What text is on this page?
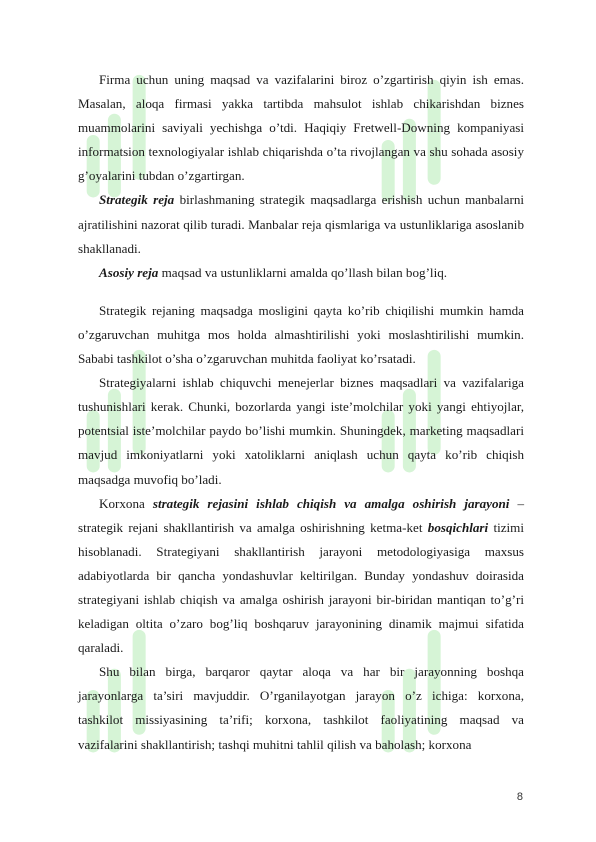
Firma uchun uning maqsad va vazifalarini biroz o’zgartirish qiyin ish emas. Masalan, aloqa firmasi yakka tartibda mahsulot ishlab chikarishdan biznes muammolarini saviyali yechishga o’tdi. Haqiqiy Fretwell-Downing kompaniyasi informatsion texnologiyalar ishlab chiqarishda o’ta rivojlangan va shu sohada asosiy g’oyalarini tubdan o’zgartirgan.

Strategik reja birlashmaning strategik maqsadlarga erishish uchun manbalarni ajratilishini nazorat qilib turadi. Manbalar reja qismlariga va ustunliklariga asoslanib shakllanadi.

Asosiy reja maqsad va ustunliklarni amalda qo’llash bilan bog’liq.

Strategik rejaning maqsadga mosligini qayta ko’rib chiqilishi mumkin hamda o’zgaruvchan muhitga mos holda almashtirilishi yoki moslashtirilishi mumkin. Sababi tashkilot o’sha o’zgaruvchan muhitda faoliyat ko’rsatadi.

Strategiyalarni ishlab chiquvchi menejerlar biznes maqsadlari va vazifalariga tushunishlari kerak. Chunki, bozorlarda yangi iste’molchilar yoki yangi ehtiyojlar, potentsial iste’molchilar paydo bo’lishi mumkin. Shuningdek, marketing maqsadlari mavjud imkoniyatlarni yoki xatoliklarni aniqlash uchun qayta ko’rib chiqish maqsadga muvofiq bo’ladi.

Korxona strategik rejasini ishlab chiqish va amalga oshirish jarayoni – strategik rejani shakllantirish va amalga oshirishning ketma-ket bosqichlari tizimi hisoblanadi. Strategiyani shakllantirish jarayoni metodologiyasiga maxsus adabiyotlarda bir qancha yondashuvlar keltirilgan. Bunday yondashuv doirasida strategiyani ishlab chiqish va amalga oshirish jarayoni bir-biridan mantiqan to’g’ri keladigan oltita o’zaro bog’liq boshqaruv jarayonining dinamik majmui sifatida qaraladi.

Shu bilan birga, barqaror qaytar aloqa va har bir jarayonning boshqa jarayonlarga ta’siri mavjuddir. O’rganilayotgan jarayon o’z ichiga: korxona, tashkilot missiyasining ta’rifi; korxona, tashkilot faoliyatining maqsad va vazifalarini shakllantirish; tashqi muhitni tahlil qilish va baholash; korxona

8
